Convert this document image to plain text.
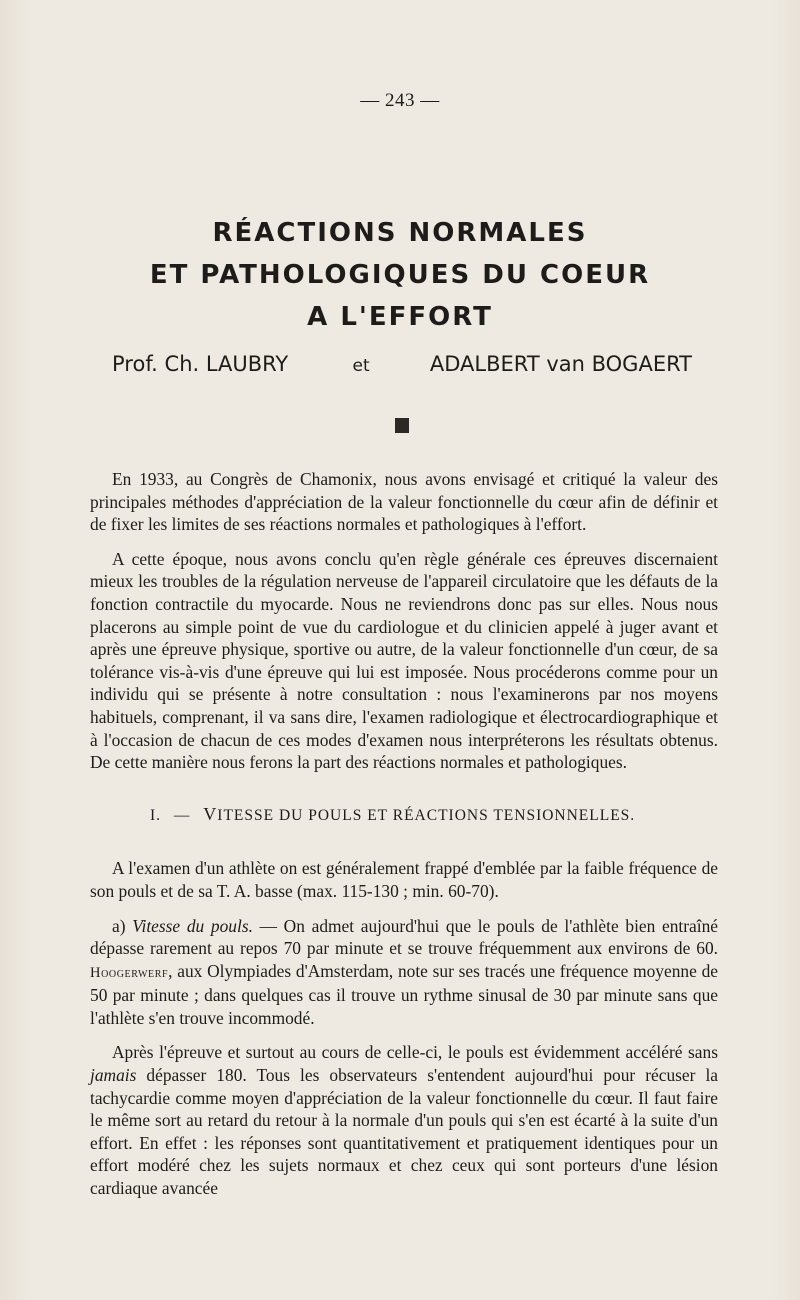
— 243 —
RÉACTIONS NORMALES
ET PATHOLOGIQUES DU COEUR
A L'EFFORT
Prof. Ch. LAUBRY	et	ADALBERT van BOGAERT

En 1933, au Congrès de Chamonix, nous avons envisagé et critiqué la valeur des principales méthodes d'appréciation de la valeur fonctionnelle du cœur afin de définir et de fixer les limites de ses réactions normales et pathologiques à l'effort.

A cette époque, nous avons conclu qu'en règle générale ces épreuves discernaient mieux les troubles de la régulation nerveuse de l'appareil circulatoire que les défauts de la fonction contractile du myocarde. Nous ne reviendrons donc pas sur elles. Nous nous placerons au simple point de vue du cardiologue et du clinicien appelé à juger avant et après une épreuve physique, sportive ou autre, de la valeur fonctionnelle d'un cœur, de sa tolérance vis-à-vis d'une épreuve qui lui est imposée. Nous procéderons comme pour un individu qui se présente à notre consultation : nous l'examinerons par nos moyens habituels, comprenant, il va sans dire, l'examen radiologique et électrocardiographique et à l'occasion de chacun de ces modes d'examen nous interpréterons les résultats obtenus. De cette manière nous ferons la part des réactions normales et pathologiques.

I. — VITESSE DU POULS ET RÉACTIONS TENSIONNELLES.

A l'examen d'un athlète on est généralement frappé d'emblée par la faible fréquence de son pouls et de sa T. A. basse (max. 115-130 ; min. 60-70).

a) Vitesse du pouls. — On admet aujourd'hui que le pouls de l'athlète bien entraîné dépasse rarement au repos 70 par minute et se trouve fréquemment aux environs de 60. Hoogerwerf, aux Olympiades d'Amsterdam, note sur ses tracés une fréquence moyenne de 50 par minute ; dans quelques cas il trouve un rythme sinusal de 30 par minute sans que l'athlète s'en trouve incommodé.

Après l'épreuve et surtout au cours de celle-ci, le pouls est évidemment accéléré sans jamais dépasser 180. Tous les observateurs s'entendent aujourd'hui pour récuser la tachycardie comme moyen d'appréciation de la valeur fonctionnelle du cœur. Il faut faire le même sort au retard du retour à la normale d'un pouls qui s'en est écarté à la suite d'un effort. En effet : les réponses sont quantitativement et pratiquement identiques pour un effort modéré chez les sujets normaux et chez ceux qui sont porteurs d'une lésion cardiaque avancée
